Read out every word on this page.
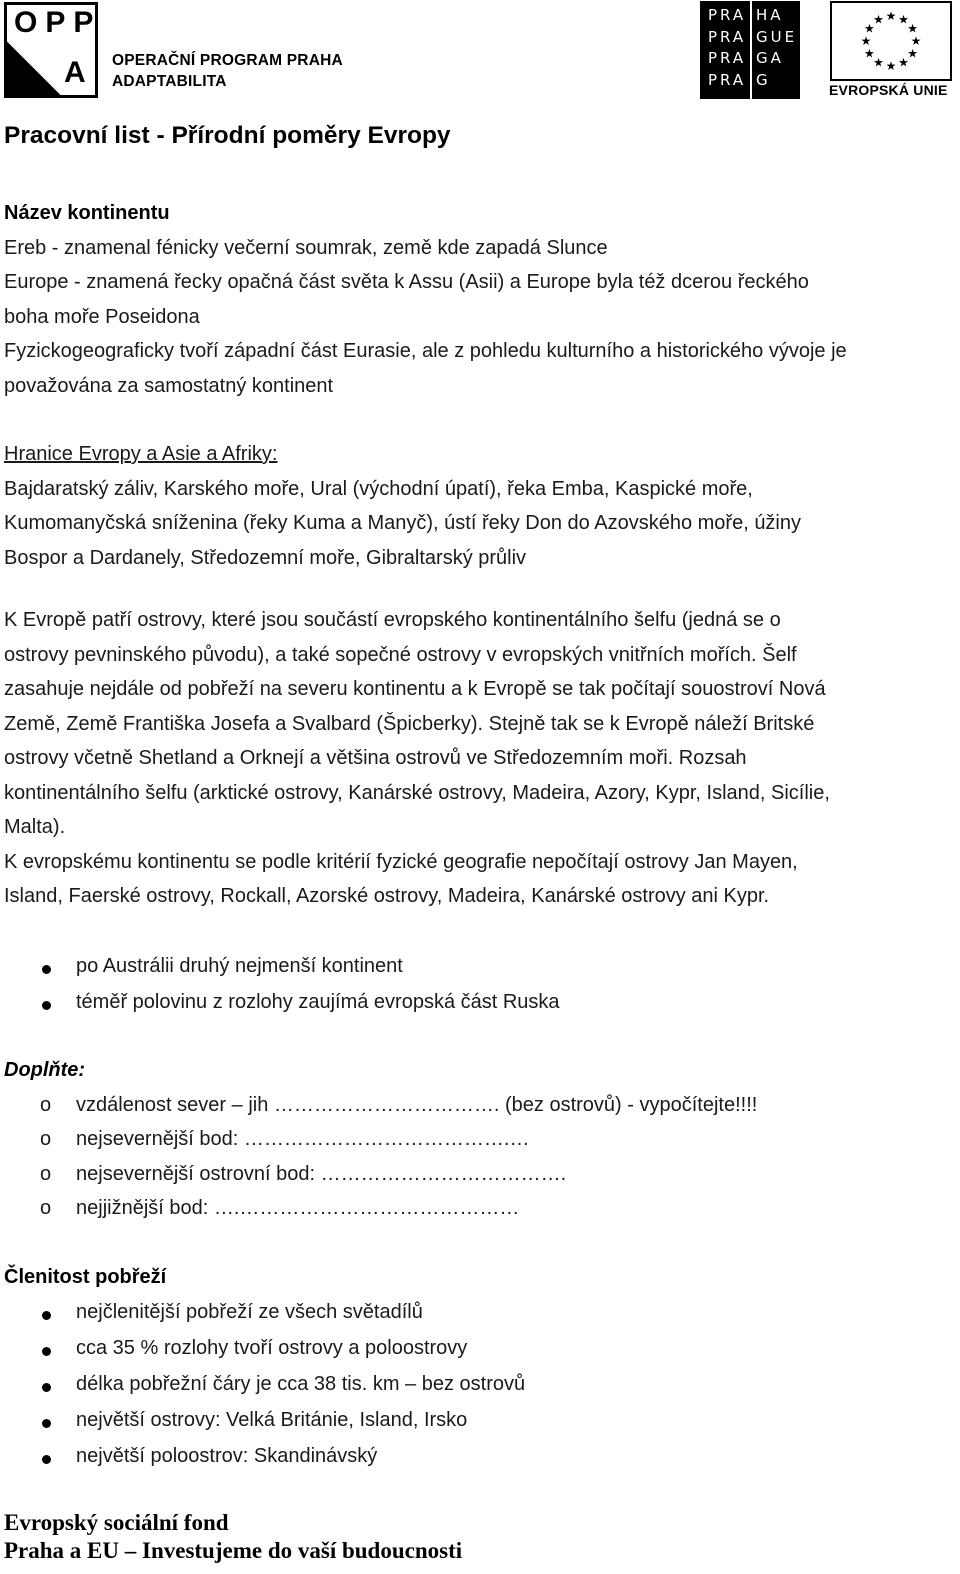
OPP
A OPERAČNÍ PROGRAM PRAHA
ADAPTABILITA
PRA
PRA
PRA
PRA
HA
GUE
GA
G
★ ★
★
★
★
★
★
★
★
★
★
★
EVROPSKÁ UNIE
Pracovní list - Přírodní poměry Evropy
Název kontinentu
Ereb - znamenal fénicky večerní soumrak, země kde zapadá Slunce
Europe - znamená řecky opačná část světa k Assu (Asii) a Europe byla též dcerou řeckého
boha moře Poseidona
Fyzickogeograficky tvoří západní část Eurasie, ale z pohledu kulturního a historického vývoje je
považována za samostatný kontinent
Hranice Evropy a Asie a Afriky:
Bajdaratský záliv, Karského moře, Ural (východní úpatí), řeka Emba, Kaspické moře,
Kumomanyčská sníženina (řeky Kuma a Manyč), ústí řeky Don do Azovského moře, úžiny
Bospor a Dardanely, Středozemní moře, Gibraltarský průliv
K Evropě patří ostrovy, které jsou součástí evropského kontinentálního šelfu (jedná se o
ostrovy pevninského původu), a také sopečné ostrovy v evropských vnitřních mořích. Šelf
zasahuje nejdále od pobřeží na severu kontinentu a k Evropě se tak počítají souostroví Nová
Země, Země Františka Josefa a Svalbard (Špicberky). Stejně tak se k Evropě náleží Britské
ostrovy včetně Shetland a Orknejí a většina ostrovů ve Středozemním moři. Rozsah
kontinentálního šelfu (arktické ostrovy, Kanárské ostrovy, Madeira, Azory, Kypr, Island, Sicílie,
Malta).
K evropskému kontinentu se podle kritérií fyzické geografie nepočítají ostrovy Jan Mayen,
Island, Faerské ostrovy, Rockall, Azorské ostrovy, Madeira, Kanárské ostrovy ani Kypr.
po Austrálii druhý nejmenší kontinent
téměř polovinu z rozlohy zaujímá evropská část Ruska
Doplňte:
o vzdálenost sever – jih ……………………………. (bez ostrovů) - vypočítejte!!!!
o nejsevernější bod: ………………………………….…
o nejsevernější ostrovní bod: ……………………………….
o nejjižnější bod: ….……………………………………
Členitost pobřeží
nejčlenitější pobřeží ze všech světadílů
cca 35 % rozlohy tvoří ostrovy a poloostrovy
délka pobřežní čáry je cca 38 tis. km – bez ostrovů
největší ostrovy: Velká Británie, Island, Irsko
největší poloostrov: Skandinávský
Evropský sociální fond
Praha a EU – Investujeme do vaší budoucnosti
